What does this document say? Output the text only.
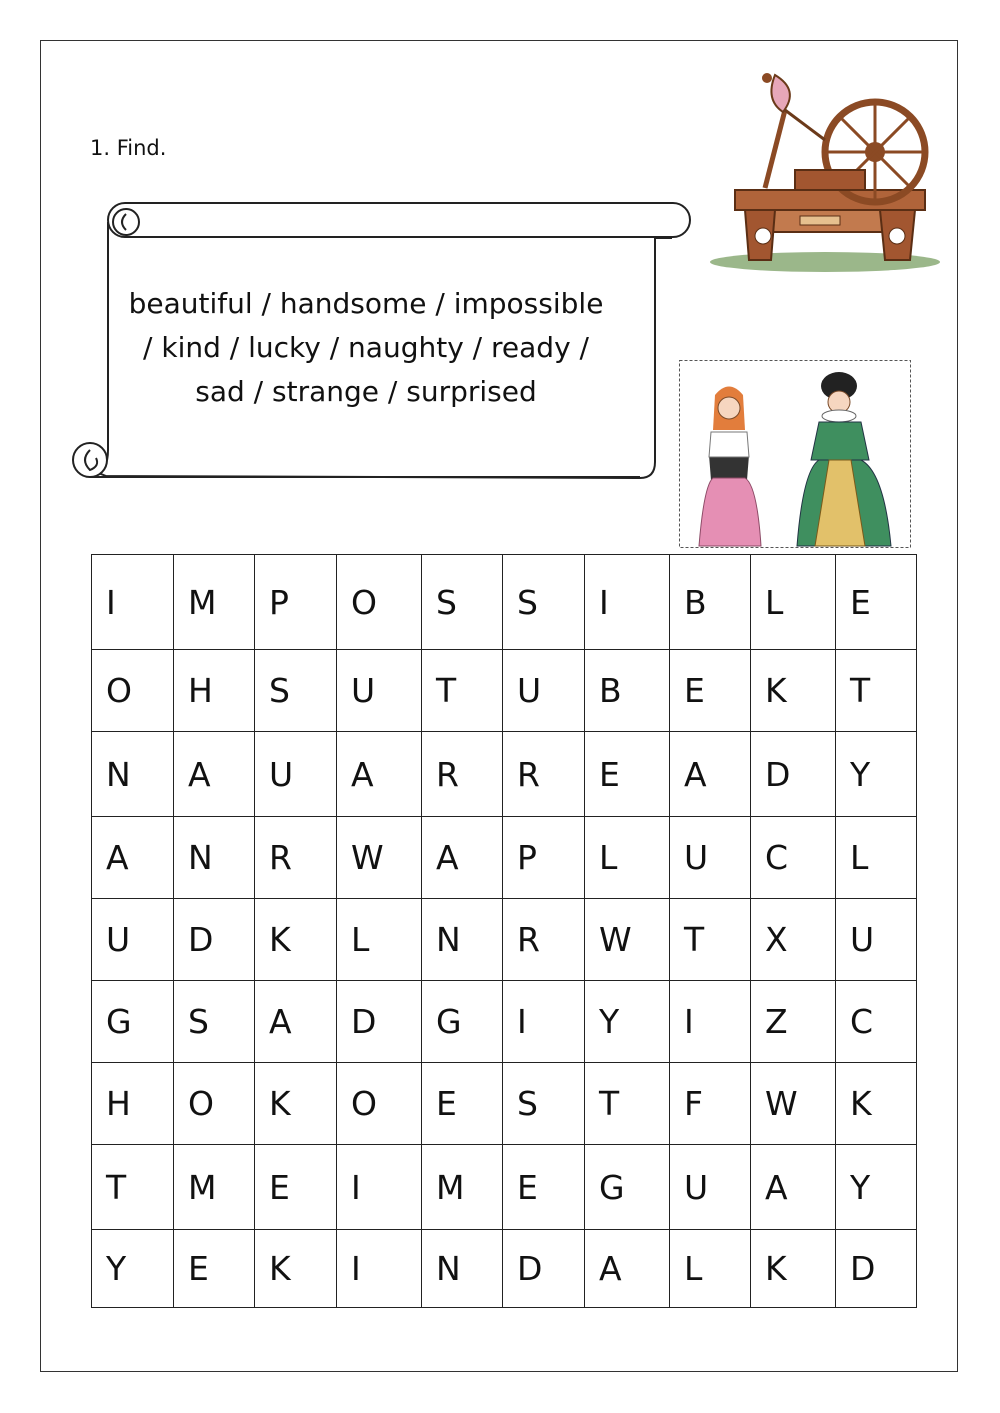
1. Find.
beautiful / handsome / impossible
/ kind / lucky / naughty / ready /
sad / strange / surprised
I	M	P	O	S	S	I	B	L	E
O	H	S	U	T	U	B	E	K	T
N	A	U	A	R	R	E	A	D	Y
A	N	R	W	A	P	L	U	C	L
U	D	K	L	N	R	W	T	X	U
G	S	A	D	G	I	Y	I	Z	C
H	O	K	O	E	S	T	F	W	K
T	M	E	I	M	E	G	U	A	Y
Y	E	K	I	N	D	A	L	K	D
